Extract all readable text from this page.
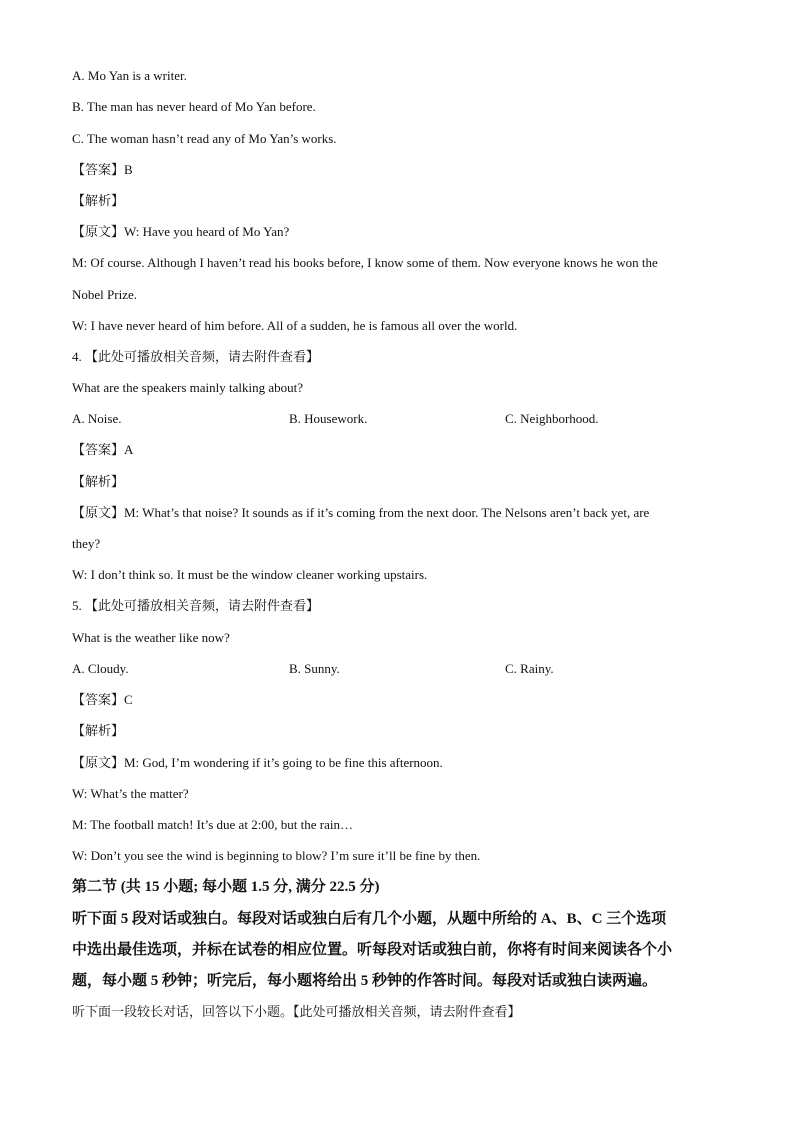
A. Mo Yan is a writer.
B. The man has never heard of Mo Yan before.
C. The woman hasn’t read any of Mo Yan’s works.
【答案】B
【解析】
【原文】W: Have you heard of Mo Yan?
M: Of course. Although I haven’t read his books before, I know some of them. Now everyone knows he won the
Nobel Prize.
W: I have never heard of him before. All of a sudden, he is famous all over the world.
4. 【此处可播放相关音频，请去附件查看】
What are the speakers mainly talking about?
A. Noise.	B. Housework.	C. Neighborhood.
【答案】A
【解析】
【原文】M: What’s that noise? It sounds as if it’s coming from the next door. The Nelsons aren’t back yet, are
they?
W: I don’t think so. It must be the window cleaner working upstairs.
5. 【此处可播放相关音频，请去附件查看】
What is the weather like now?
A. Cloudy.	B. Sunny.	C. Rainy.
【答案】C
【解析】
【原文】M: God, I’m wondering if it’s going to be fine this afternoon.
W: What’s the matter?
M: The football match! It’s due at 2:00, but the rain…
W: Don’t you see the wind is beginning to blow? I’m sure it’ll be fine by then.
第二节 (共 15 小题; 每小题 1.5 分, 满分 22.5 分)
听下面 5 段对话或独白。每段对话或独白后有几个小题，从题中所给的 A、B、C 三个选项
中选出最佳选项，并标在试卷的相应位置。听每段对话或独白前，你将有时间来阅读各个小
题，每小题 5 秒钟；听完后，每小题将给出 5 秒钟的作答时间。每段对话或独白读两遍。
听下面一段较长对话，回答以下小题。【此处可播放相关音频，请去附件查看】
